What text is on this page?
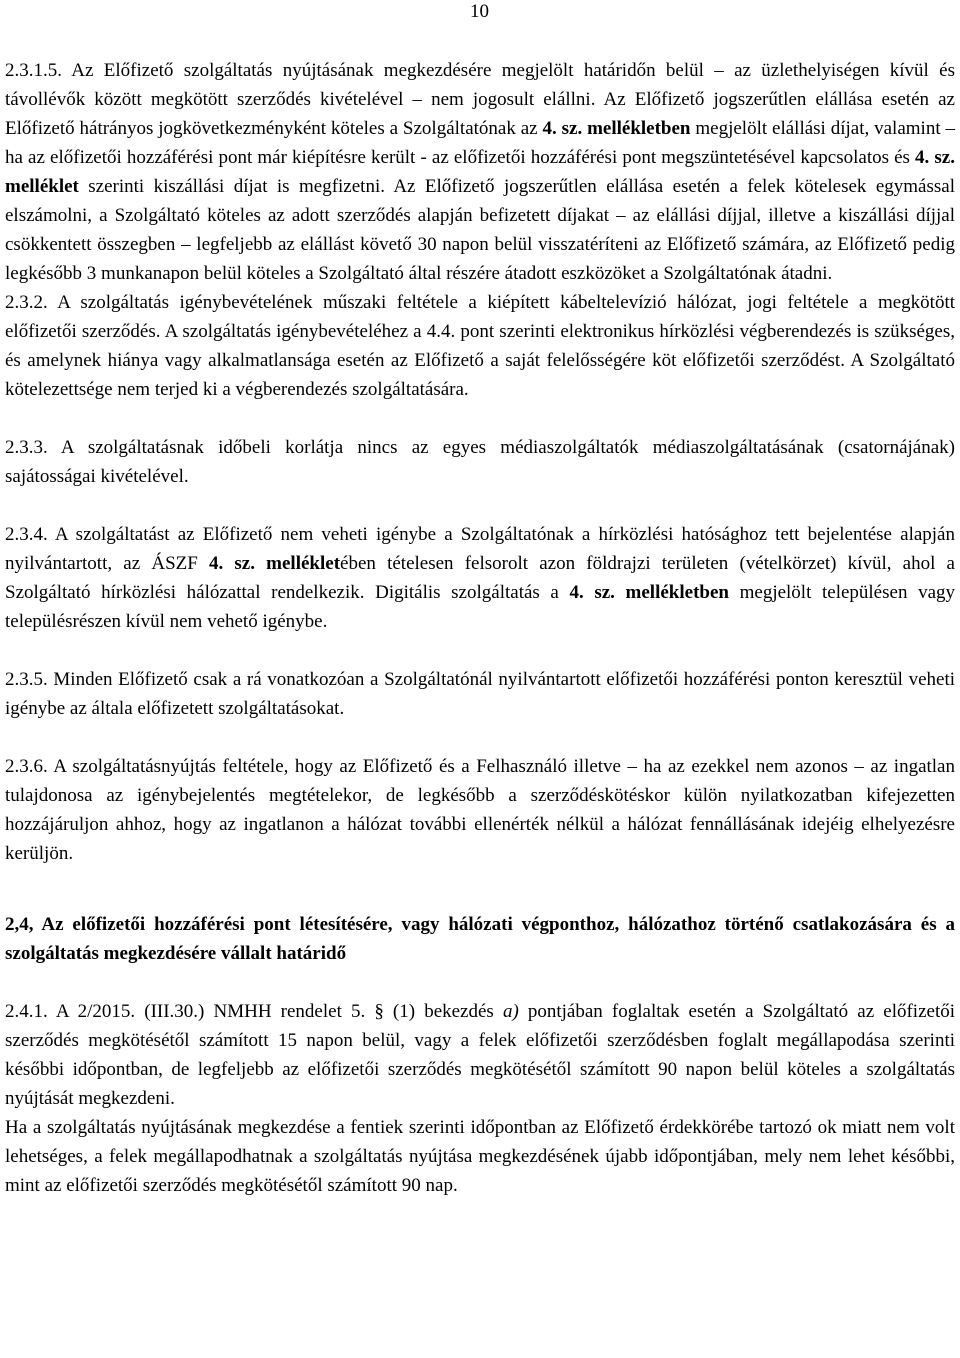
10

2.3.1.5. Az Előfizető szolgáltatás nyújtásának megkezdésére megjelölt határidőn belül – az üzlethelyiségen kívül és távollévők között megkötött szerződés kivételével – nem jogosult elállni. Az Előfizető jogszerűtlen elállása esetén az Előfizető hátrányos jogkövetkezményként köteles a Szolgáltatónak az 4. sz. mellékletben megjelölt elállási díjat, valamint – ha az előfizetői hozzáférési pont már kiépítésre került - az előfizetői hozzáférési pont megszüntetésével kapcsolatos és 4. sz. melléklet szerinti kiszállási díjat is megfizetni. Az Előfizető jogszerűtlen elállása esetén a felek kötelesek egymással elszámolni, a Szolgáltató köteles az adott szerződés alapján befizetett díjakat – az elállási díjjal, illetve a kiszállási díjjal csökkentett összegben – legfeljebb az elállást követő 30 napon belül visszatéríteni az Előfizető számára, az Előfizető pedig legkésőbb 3 munkanapon belül köteles a Szolgáltató által részére átadott eszközöket a Szolgáltatónak átadni.

2.3.2. A szolgáltatás igénybevételének műszaki feltétele a kiépített kábeltelevízió hálózat, jogi feltétele a megkötött előfizetői szerződés. A szolgáltatás igénybevételéhez a 4.4. pont szerinti elektronikus hírközlési végberendezés is szükséges, és amelynek hiánya vagy alkalmatlansága esetén az Előfizető a saját felelősségére köt előfizetői szerződést. A Szolgáltató kötelezettsége nem terjed ki a végberendezés szolgáltatására.

2.3.3. A szolgáltatásnak időbeli korlátja nincs az egyes médiaszolgáltatók médiaszolgáltatásának (csatornájának) sajátosságai kivételével.

2.3.4. A szolgáltatást az Előfizető nem veheti igénybe a Szolgáltatónak a hírközlési hatósághoz tett bejelentése alapján nyilvántartott, az ÁSZF 4. sz. mellékletében tételesen felsorolt azon földrajzi területen (vételkörzet) kívül, ahol a Szolgáltató hírközlési hálózattal rendelkezik. Digitális szolgáltatás a 4. sz. mellékletben megjelölt településen vagy településrészen kívül nem vehető igénybe.

2.3.5. Minden Előfizető csak a rá vonatkozóan a Szolgáltatónál nyilvántartott előfizetői hozzáférési ponton keresztül veheti igénybe az általa előfizetett szolgáltatásokat.

2.3.6. A szolgáltatásnyújtás feltétele, hogy az Előfizető és a Felhasználó illetve – ha az ezekkel nem azonos – az ingatlan tulajdonosa az igénybejelentés megtételekor, de legkésőbb a szerződéskötéskor külön nyilatkozatban kifejezetten hozzájáruljon ahhoz, hogy az ingatlanon a hálózat további ellenérték nélkül a hálózat fennállásának idejéig elhelyezésre kerüljön.

2,4, Az előfizetői hozzáférési pont létesítésére, vagy hálózati végponthoz, hálózathoz történő csatlakozására és a szolgáltatás megkezdésére vállalt határidő

2.4.1. A 2/2015. (III.30.) NMHH rendelet 5. § (1) bekezdés a) pontjában foglaltak esetén a Szolgáltató az előfizetői szerződés megkötésétől számított 15 napon belül, vagy a felek előfizetői szerződésben foglalt megállapodása szerinti későbbi időpontban, de legfeljebb az előfizetői szerződés megkötésétől számított 90 napon belül köteles a szolgáltatás nyújtását megkezdeni.

Ha a szolgáltatás nyújtásának megkezdése a fentiek szerinti időpontban az Előfizető érdekkörébe tartozó ok miatt nem volt lehetséges, a felek megállapodhatnak a szolgáltatás nyújtása megkezdésének újabb időpontjában, mely nem lehet későbbi, mint az előfizetői szerződés megkötésétől számított 90 nap.
